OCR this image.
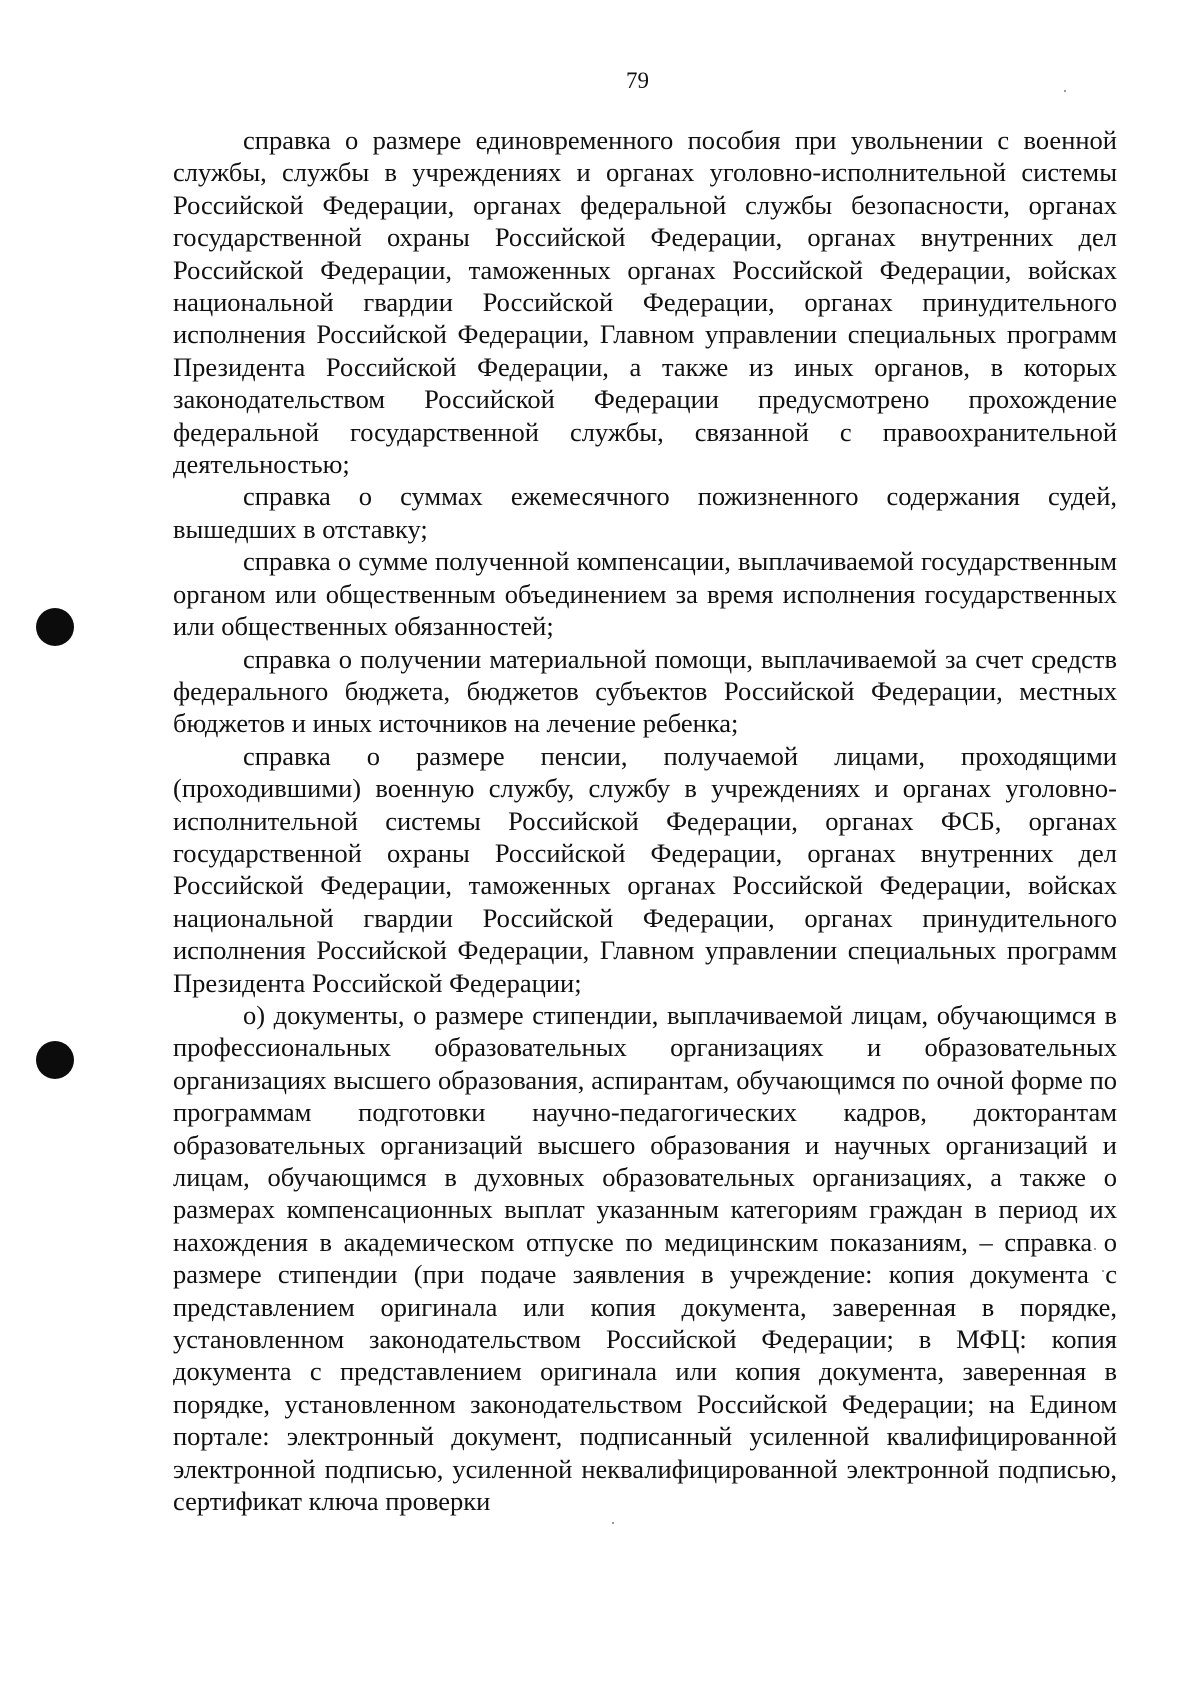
79

справка о размере единовременного пособия при увольнении с военной службы, службы в учреждениях и органах уголовно-исполнительной системы Российской Федерации, органах федеральной службы безопасности, органах государственной охраны Российской Федерации, органах внутренних дел Российской Федерации, таможенных органах Российской Федерации, войсках национальной гвардии Российской Федерации, органах принудительного исполнения Российской Федерации, Главном управлении специальных программ Президента Российской Федерации, а также из иных органов, в которых законодательством Российской Федерации предусмотрено прохождение федеральной государственной службы, связанной с правоохранительной деятельностью;

справка о суммах ежемесячного пожизненного содержания судей, вышедших в отставку;

справка о сумме полученной компенсации, выплачиваемой государственным органом или общественным объединением за время исполнения государственных или общественных обязанностей;

справка о получении материальной помощи, выплачиваемой за счет средств федерального бюджета, бюджетов субъектов Российской Федерации, местных бюджетов и иных источников на лечение ребенка;

справка о размере пенсии, получаемой лицами, проходящими (проходившими) военную службу, службу в учреждениях и органах уголовно-исполнительной системы Российской Федерации, органах ФСБ, органах государственной охраны Российской Федерации, органах внутренних дел Российской Федерации, таможенных органах Российской Федерации, войсках национальной гвардии Российской Федерации, органах принудительного исполнения Российской Федерации, Главном управлении специальных программ Президента Российской Федерации;

о) документы, о размере стипендии, выплачиваемой лицам, обучающимся в профессиональных образовательных организациях и образовательных организациях высшего образования, аспирантам, обучающимся по очной форме по программам подготовки научно-педагогических кадров, докторантам образовательных организаций высшего образования и научных организаций и лицам, обучающимся в духовных образовательных организациях, а также о размерах компенсационных выплат указанным категориям граждан в период их нахождения в академическом отпуске по медицинским показаниям, – справка о размере стипендии (при подаче заявления в учреждение: копия документа с представлением оригинала или копия документа, заверенная в порядке, установленном законодательством Российской Федерации; в МФЦ: копия документа с представлением оригинала или копия документа, заверенная в порядке, установленном законодательством Российской Федерации; на Едином портале: электронный документ, подписанный усиленной квалифицированной электронной подписью, усиленной неквалифицированной электронной подписью, сертификат ключа проверки
